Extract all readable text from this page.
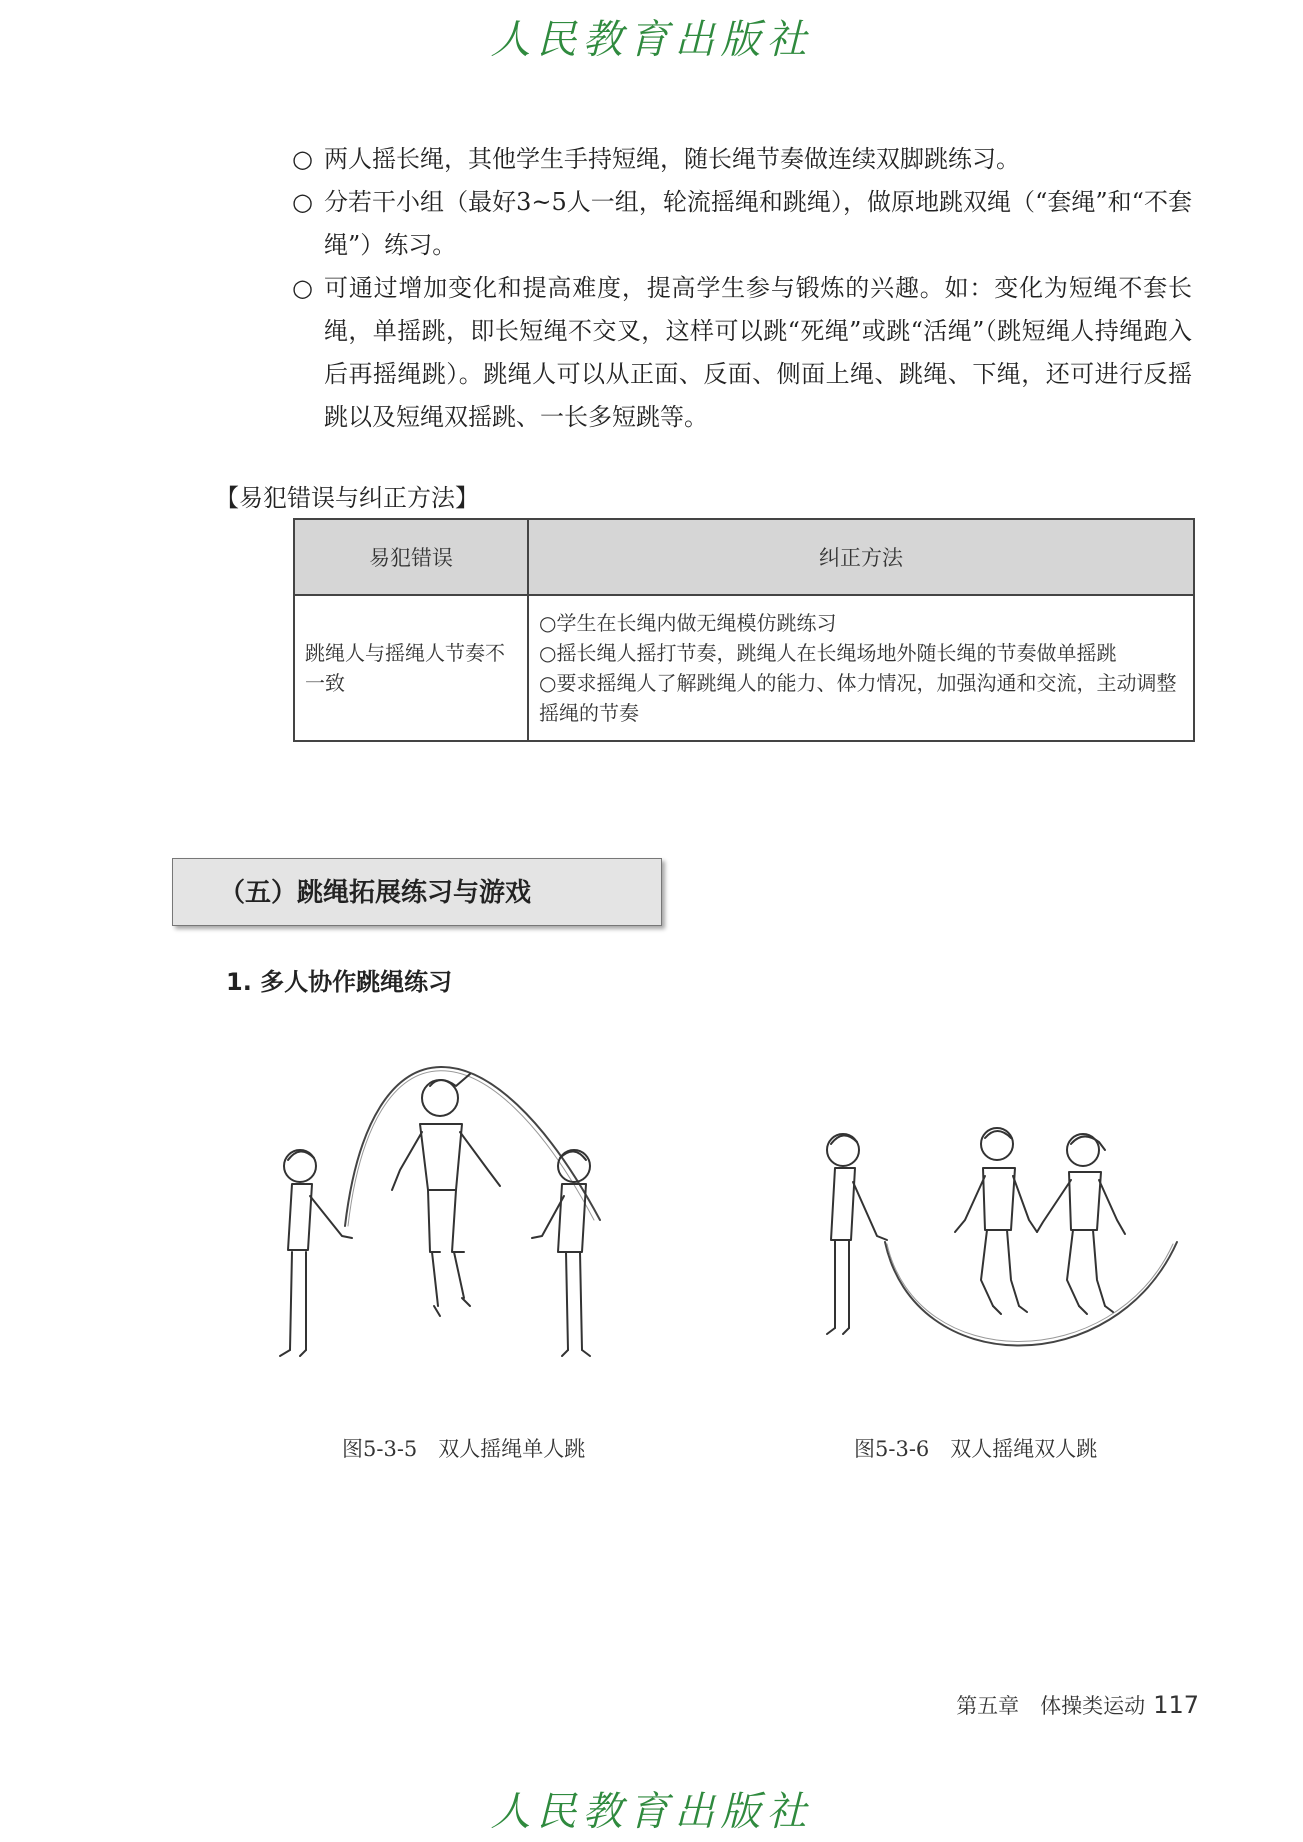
人民教育出版社
○ 两人摇长绳，其他学生手持短绳，随长绳节奏做连续双脚跳练习。
○ 分若干小组（最好3~5人一组，轮流摇绳和跳绳），做原地跳双绳（“套绳”和“不套绳”）练习。
○ 可通过增加变化和提高难度，提高学生参与锻炼的兴趣。如：变化为短绳不套长绳，单摇跳，即长短绳不交叉，这样可以跳“死绳”或跳“活绳”（跳短绳人持绳跑入后再摇绳跳）。跳绳人可以从正面、反面、侧面上绳、跳绳、下绳，还可进行反摇跳以及短绳双摇跳、一长多短跳等。
【易犯错误与纠正方法】
易犯错误	纠正方法
跳绳人与摇绳人节奏不一致	○学生在长绳内做无绳模仿跳练习
○摇长绳人摇打节奏，跳绳人在长绳场地外随长绳的节奏做单摇跳
○要求摇绳人了解跳绳人的能力、体力情况，加强沟通和交流，主动调整摇绳的节奏
（五）跳绳拓展练习与游戏
1. 多人协作跳绳练习
图5-3-5　双人摇绳单人跳	图5-3-6　双人摇绳双人跳
第五章　体操类运动 117
人民教育出版社
